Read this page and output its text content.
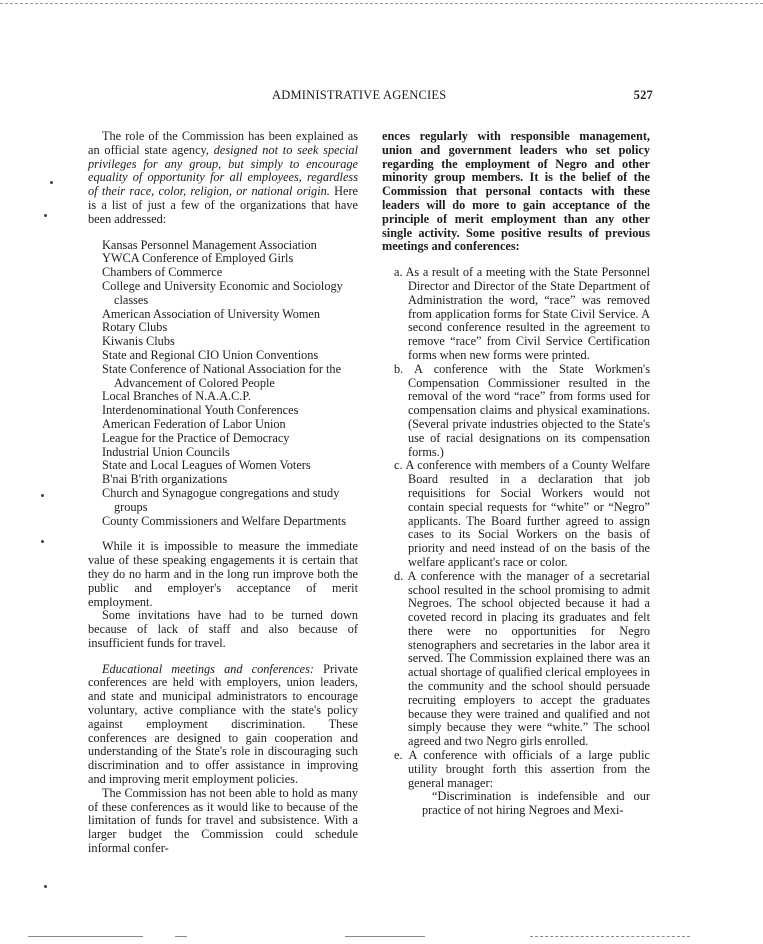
ADMINISTRATIVE AGENCIES	527

The role of the Commission has been explained as an official state agency, designed not to seek special privileges for any group, but simply to encourage equality of opportunity for all employees, regardless of their race, color, religion, or national origin. Here is a list of just a few of the organizations that have been addressed:

Kansas Personnel Management Association
YWCA Conference of Employed Girls
Chambers of Commerce
College and University Economic and Sociology classes
American Association of University Women
Rotary Clubs
Kiwanis Clubs
State and Regional CIO Union Conventions
State Conference of National Association for the Advancement of Colored People
Local Branches of N.A.A.C.P.
Interdenominational Youth Conferences
American Federation of Labor Union
League for the Practice of Democracy
Industrial Union Councils
State and Local Leagues of Women Voters
B'nai B'rith organizations
Church and Synagogue congregations and study groups
County Commissioners and Welfare Departments

While it is impossible to measure the immediate value of these speaking engagements it is certain that they do no harm and in the long run improve both the public and employer's acceptance of merit employment.

Some invitations have had to be turned down because of lack of staff and also because of insufficient funds for travel.

Educational meetings and conferences: Private conferences are held with employers, union leaders, and state and municipal administrators to encourage voluntary, active compliance with the state's policy against employment discrimination. These conferences are designed to gain cooperation and understanding of the State's role in discouraging such discrimination and to offer assistance in improving and improving merit employment policies.

The Commission has not been able to hold as many of these conferences as it would like to because of the limitation of funds for travel and subsistence. With a larger budget the Commission could schedule informal confer-

ences regularly with responsible management, union and government leaders who set policy regarding the employment of Negro and other minority group members. It is the belief of the Commission that personal contacts with these leaders will do more to gain acceptance of the principle of merit employment than any other single activity. Some positive results of previous meetings and conferences:

a. As a result of a meeting with the State Personnel Director and Director of the State Department of Administration the word, “race” was removed from application forms for State Civil Service. A second conference resulted in the agreement to remove “race” from Civil Service Certification forms when new forms were printed.
b. A conference with the State Workmen's Compensation Commissioner resulted in the removal of the word “race” from forms used for compensation claims and physical examinations. (Several private industries objected to the State's use of racial designations on its compensation forms.)
c. A conference with members of a County Welfare Board resulted in a declaration that job requisitions for Social Workers would not contain special requests for “white” or “Negro” applicants. The Board further agreed to assign cases to its Social Workers on the basis of priority and need instead of on the basis of the welfare applicant's race or color.
d. A conference with the manager of a secretarial school resulted in the school promising to admit Negroes. The school objected because it had a coveted record in placing its graduates and felt there were no opportunities for Negro stenographers and secretaries in the labor area it served. The Commission explained there was an actual shortage of qualified clerical employees in the community and the school should persuade recruiting employers to accept the graduates because they were trained and qualified and not simply because they were “white.” The school agreed and two Negro girls enrolled.
e. A conference with officials of a large public utility brought forth this assertion from the general manager:

“Discrimination is indefensible and our practice of not hiring Negroes and Mexi-
